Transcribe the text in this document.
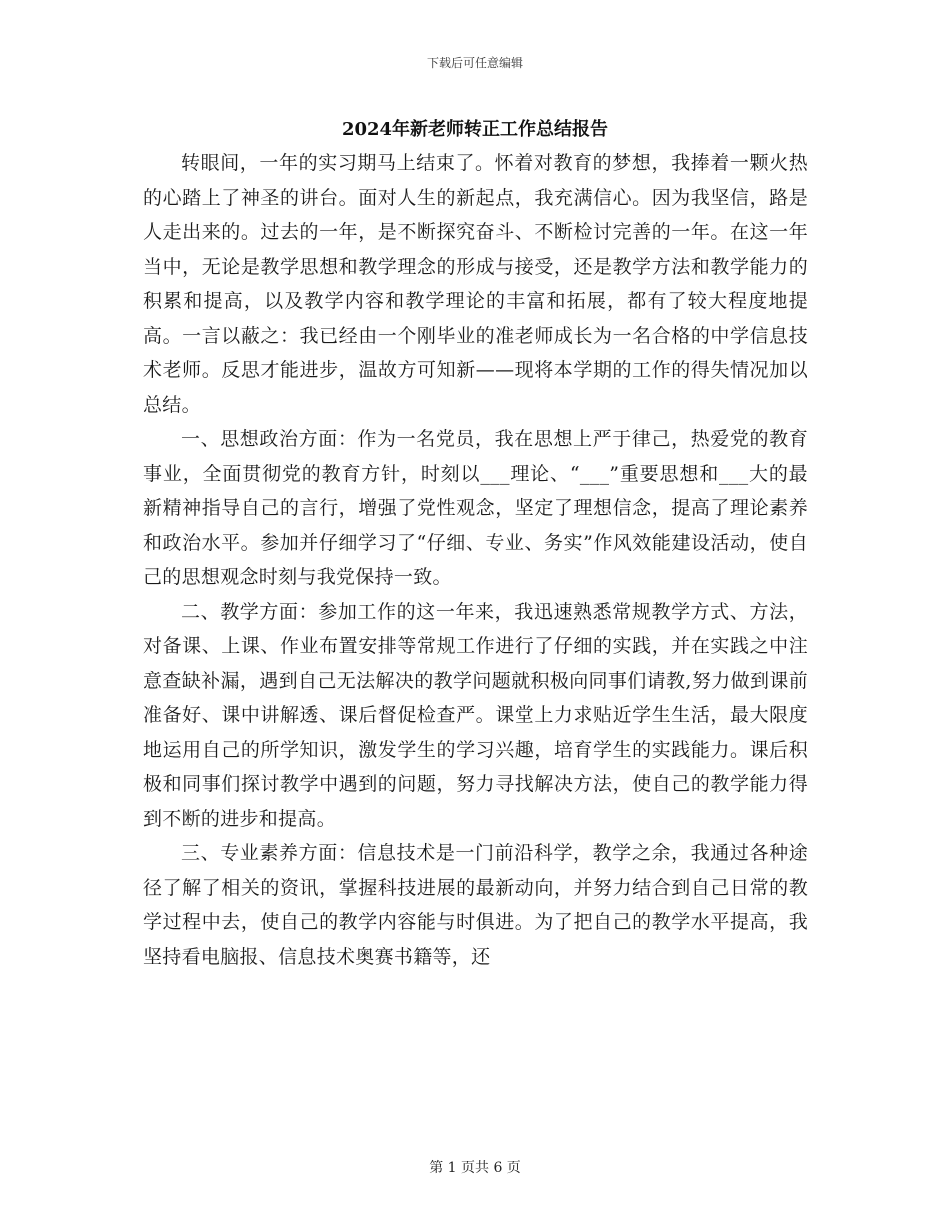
下载后可任意编辑
2024年新老师转正工作总结报告

转眼间，一年的实习期马上结束了。怀着对教育的梦想，我捧着一颗火热的心踏上了神圣的讲台。面对人生的新起点，我充满信心。因为我坚信，路是人走出来的。过去的一年，是不断探究奋斗、不断检讨完善的一年。在这一年当中，无论是教学思想和教学理念的形成与接受，还是教学方法和教学能力的积累和提高，以及教学内容和教学理论的丰富和拓展，都有了较大程度地提高。一言以蔽之：我已经由一个刚毕业的准老师成长为一名合格的中学信息技术老师。反思才能进步，温故方可知新——现将本学期的工作的得失情况加以总结。

一、思想政治方面：作为一名党员，我在思想上严于律己，热爱党的教育事业，全面贯彻党的教育方针，时刻以___理论、“___”重要思想和___大的最新精神指导自己的言行，增强了党性观念，坚定了理想信念，提高了理论素养和政治水平。参加并仔细学习了“仔细、专业、务实”作风效能建设活动，使自己的思想观念时刻与我党保持一致。

二、教学方面：参加工作的这一年来，我迅速熟悉常规教学方式、方法，对备课、上课、作业布置安排等常规工作进行了仔细的实践，并在实践之中注意查缺补漏，遇到自己无法解决的教学问题就积极向同事们请教,努力做到课前准备好、课中讲解透、课后督促检查严。课堂上力求贴近学生生活，最大限度地运用自己的所学知识，激发学生的学习兴趣，培育学生的实践能力。课后积极和同事们探讨教学中遇到的问题，努力寻找解决方法，使自己的教学能力得到不断的进步和提高。

三、专业素养方面：信息技术是一门前沿科学，教学之余，我通过各种途径了解了相关的资讯，掌握科技进展的最新动向，并努力结合到自己日常的教学过程中去，使自己的教学内容能与时俱进。为了把自己的教学水平提高，我坚持看电脑报、信息技术奥赛书籍等，还

第 1 页共 6 页
